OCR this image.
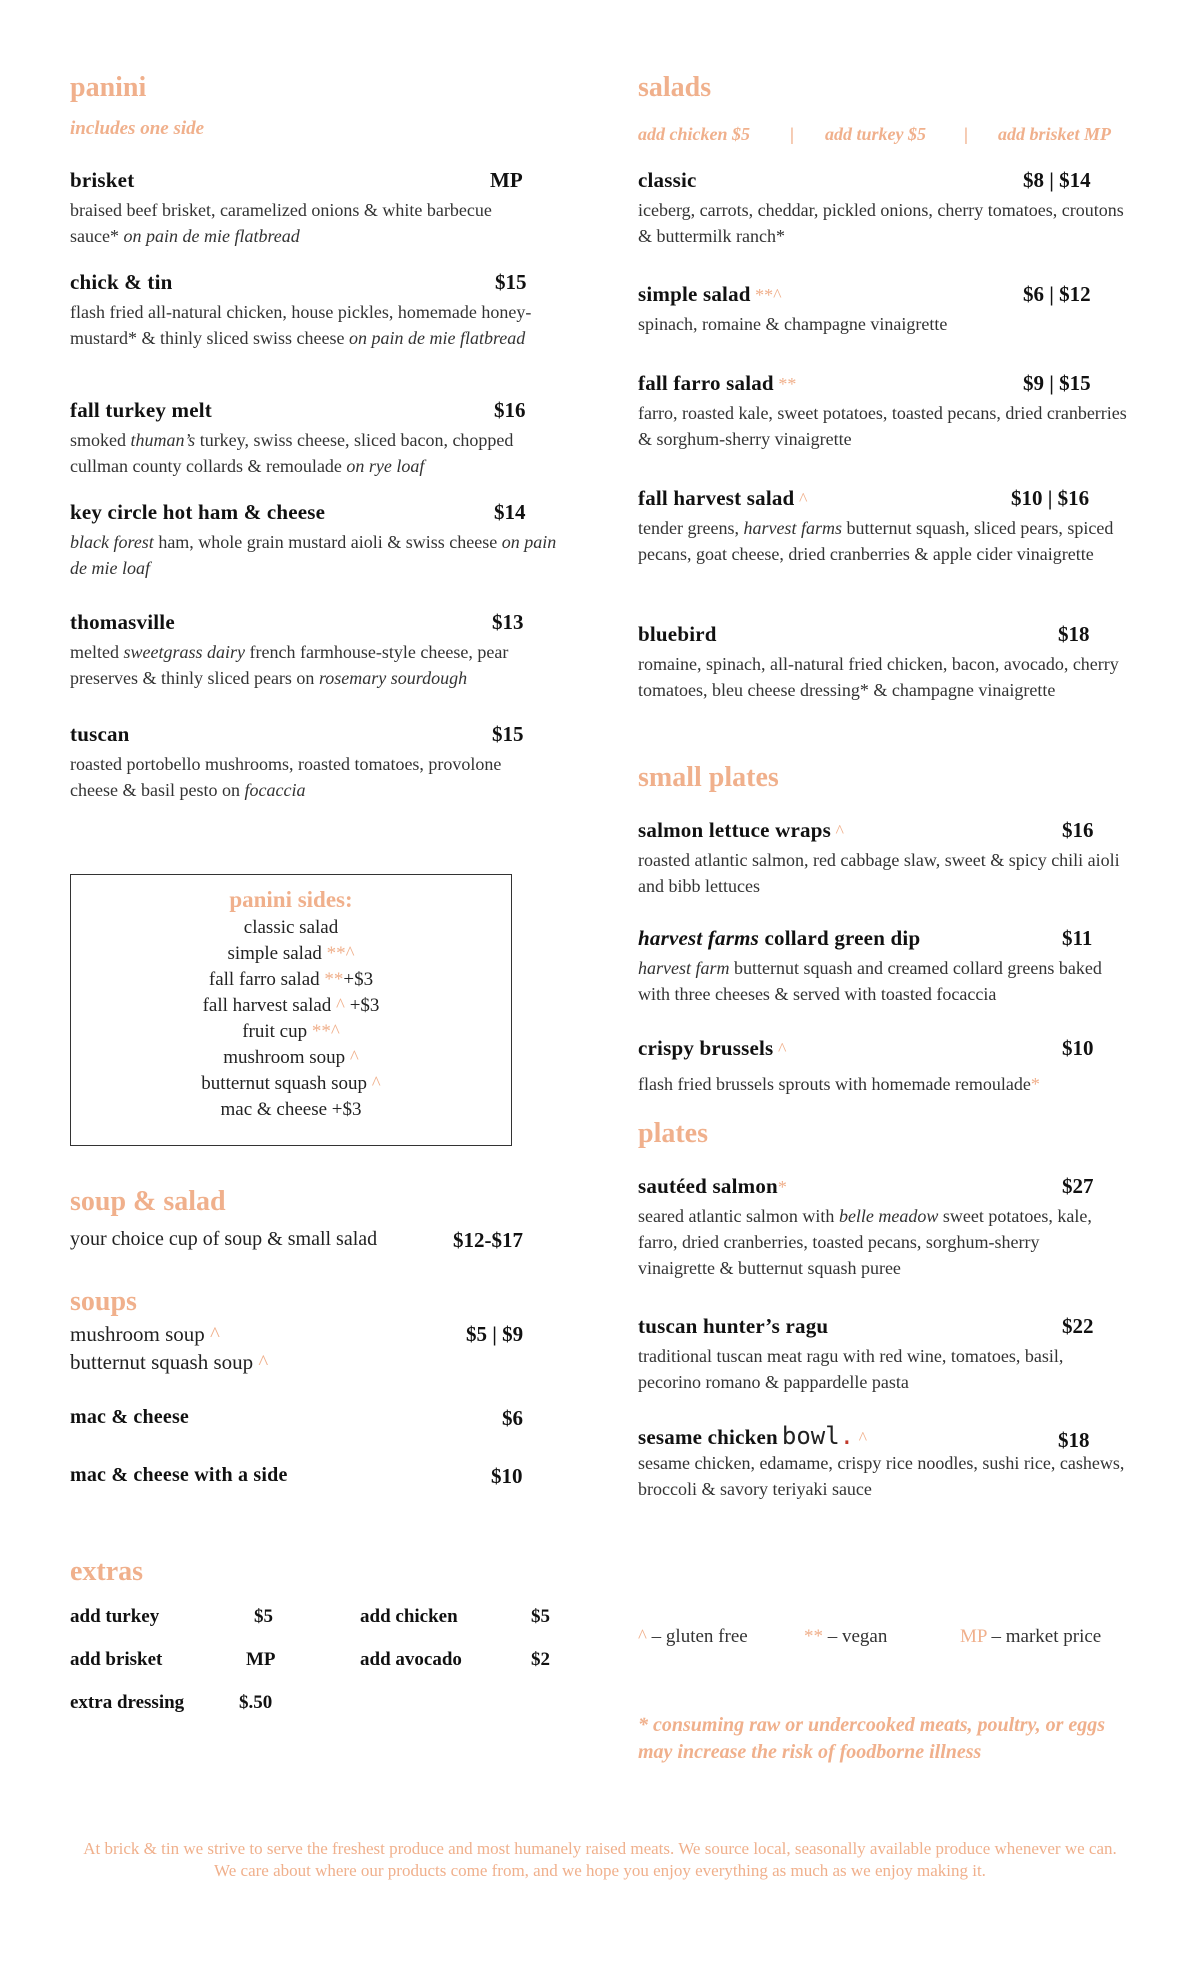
panini
includes one side
brisket	MP
braised beef brisket, caramelized onions & white barbecue sauce* on pain de mie flatbread
chick & tin	$15
flash fried all-natural chicken, house pickles, homemade honey-mustard* & thinly sliced swiss cheese on pain de mie flatbread
fall turkey melt	$16
smoked thuman’s turkey, swiss cheese, sliced bacon, chopped cullman county collards & remoulade on rye loaf
key circle hot ham & cheese	$14
black forest ham, whole grain mustard aioli & swiss cheese on pain de mie loaf
thomasville	$13
melted sweetgrass dairy french farmhouse-style cheese, pear preserves & thinly sliced pears on rosemary sourdough
tuscan	$15
roasted portobello mushrooms, roasted tomatoes, provolone cheese & basil pesto on focaccia
panini sides:
classic salad
simple salad **^
fall farro salad **+$3
fall harvest salad ^ +$3
fruit cup **^
mushroom soup ^
butternut squash soup ^
mac & cheese +$3
soup & salad
your choice cup of soup & small salad	$12-$17
soups
mushroom soup ^	$5 | $9
butternut squash soup ^
mac & cheese	$6
mac & cheese with a side	$10
extras
add turkey	$5	add chicken	$5
add brisket	MP	add avocado	$2
extra dressing	$.50
salads
add chicken $5 | add turkey $5 | add brisket MP
classic	$8 | $14
iceberg, carrots, cheddar, pickled onions, cherry tomatoes, croutons & buttermilk ranch*
simple salad **^	$6 | $12
spinach, romaine & champagne vinaigrette
fall farro salad **	$9 | $15
farro, roasted kale, sweet potatoes, toasted pecans, dried cranberries & sorghum-sherry vinaigrette
fall harvest salad ^	$10 | $16
tender greens, harvest farms butternut squash, sliced pears, spiced pecans, goat cheese, dried cranberries & apple cider vinaigrette
bluebird	$18
romaine, spinach, all-natural fried chicken, bacon, avocado, cherry tomatoes, bleu cheese dressing* & champagne vinaigrette
small plates
salmon lettuce wraps ^	$16
roasted atlantic salmon, red cabbage slaw, sweet & spicy chili aioli and bibb lettuces
harvest farms collard green dip	$11
harvest farm butternut squash and creamed collard greens baked with three cheeses & served with toasted focaccia
crispy brussels ^	$10
flash fried brussels sprouts with homemade remoulade*
plates
sautéed salmon*	$27
seared atlantic salmon with belle meadow sweet potatoes, kale, farro, dried cranberries, toasted pecans, sorghum-sherry vinaigrette & butternut squash puree
tuscan hunter’s ragu	$22
traditional tuscan meat ragu with red wine, tomatoes, basil, pecorino romano & pappardelle pasta
sesame chicken bowl. ^	$18
sesame chicken, edamame, crispy rice noodles, sushi rice, cashews, broccoli & savory teriyaki sauce
^ – gluten free	** – vegan	MP – market price
* consuming raw or undercooked meats, poultry, or eggs may increase the risk of foodborne illness
At brick & tin we strive to serve the freshest produce and most humanely raised meats. We source local, seasonally available produce whenever we can. We care about where our products come from, and we hope you enjoy everything as much as we enjoy making it.
